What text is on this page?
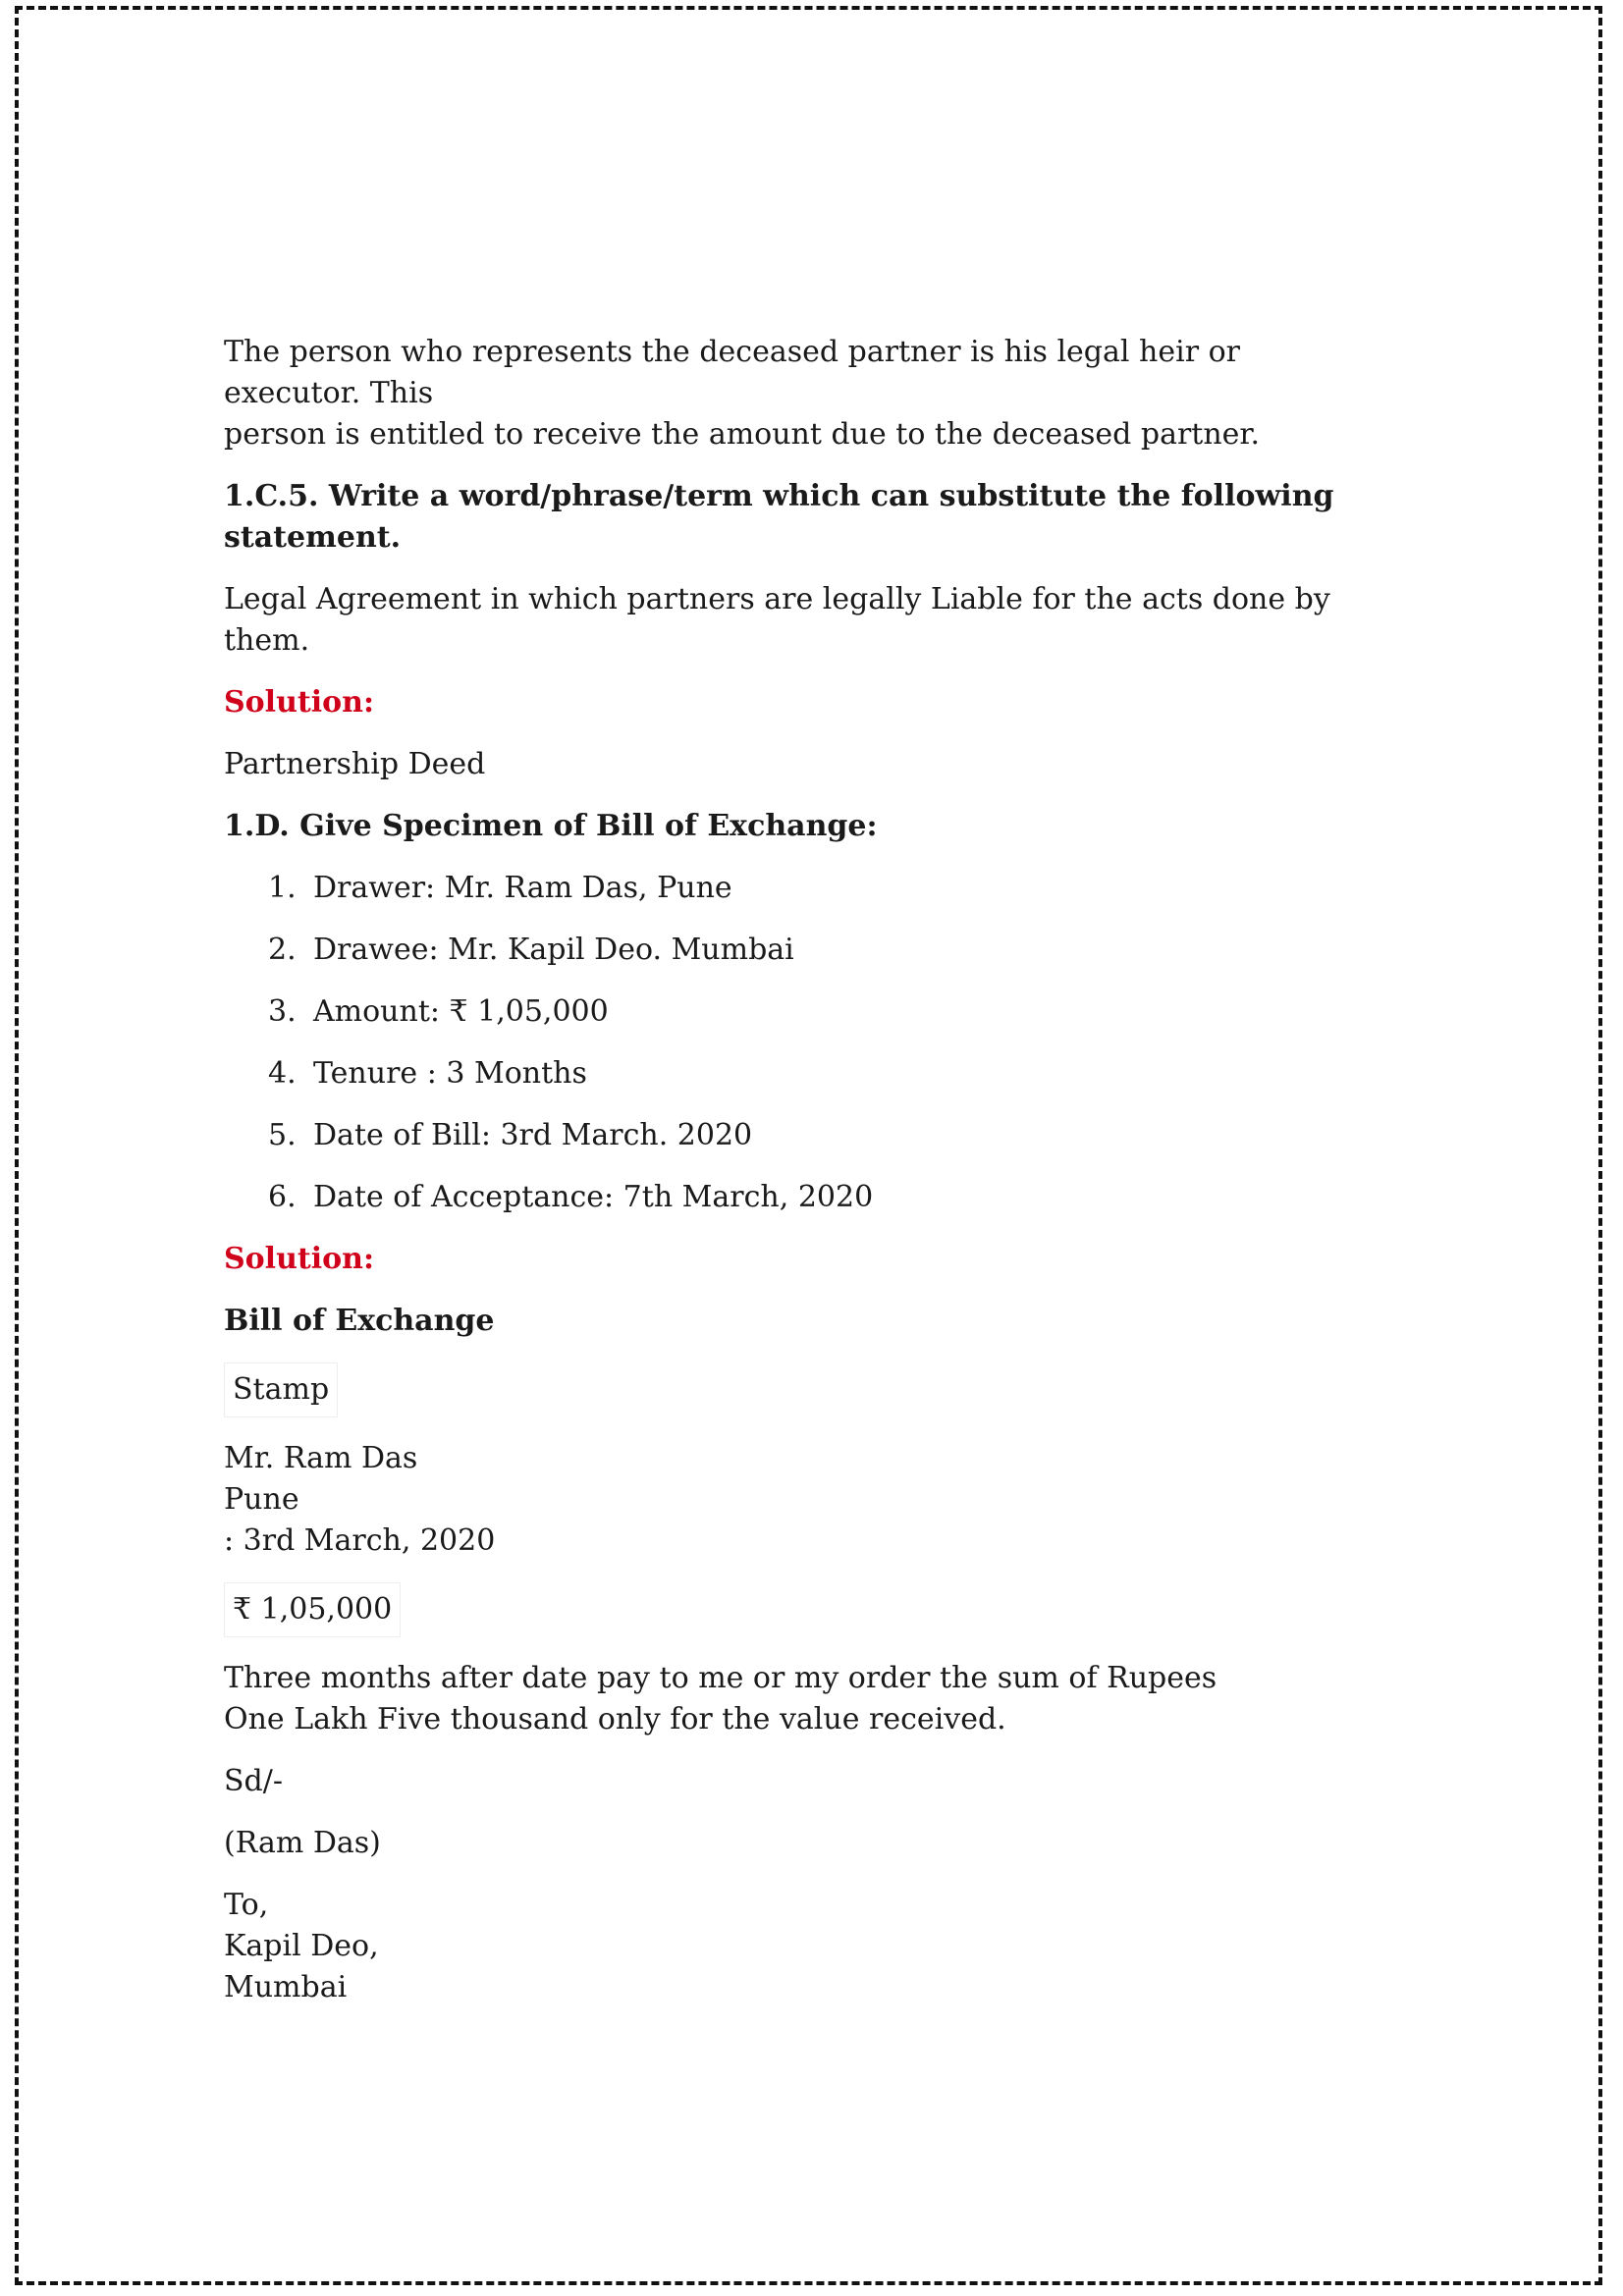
The person who represents the deceased partner is his legal heir or executor. This
person is entitled to receive the amount due to the deceased partner.

1.C.5. Write a word/phrase/term which can substitute the following
statement.

Legal Agreement in which partners are legally Liable for the acts done by them.

Solution:

Partnership Deed

1.D. Give Specimen of Bill of Exchange:

1. Drawer: Mr. Ram Das, Pune
2. Drawee: Mr. Kapil Deo. Mumbai
3. Amount: ₹ 1,05,000
4. Tenure : 3 Months
5. Date of Bill: 3rd March. 2020
6. Date of Acceptance: 7th March, 2020

Solution:

Bill of Exchange

Stamp
Mr. Ram Das
Pune
: 3rd March, 2020
₹ 1,05,000

Three months after date pay to me or my order the sum of Rupees
One Lakh Five thousand only for the value received.

Sd/-

(Ram Das)

To,
Kapil Deo,
Mumbai
